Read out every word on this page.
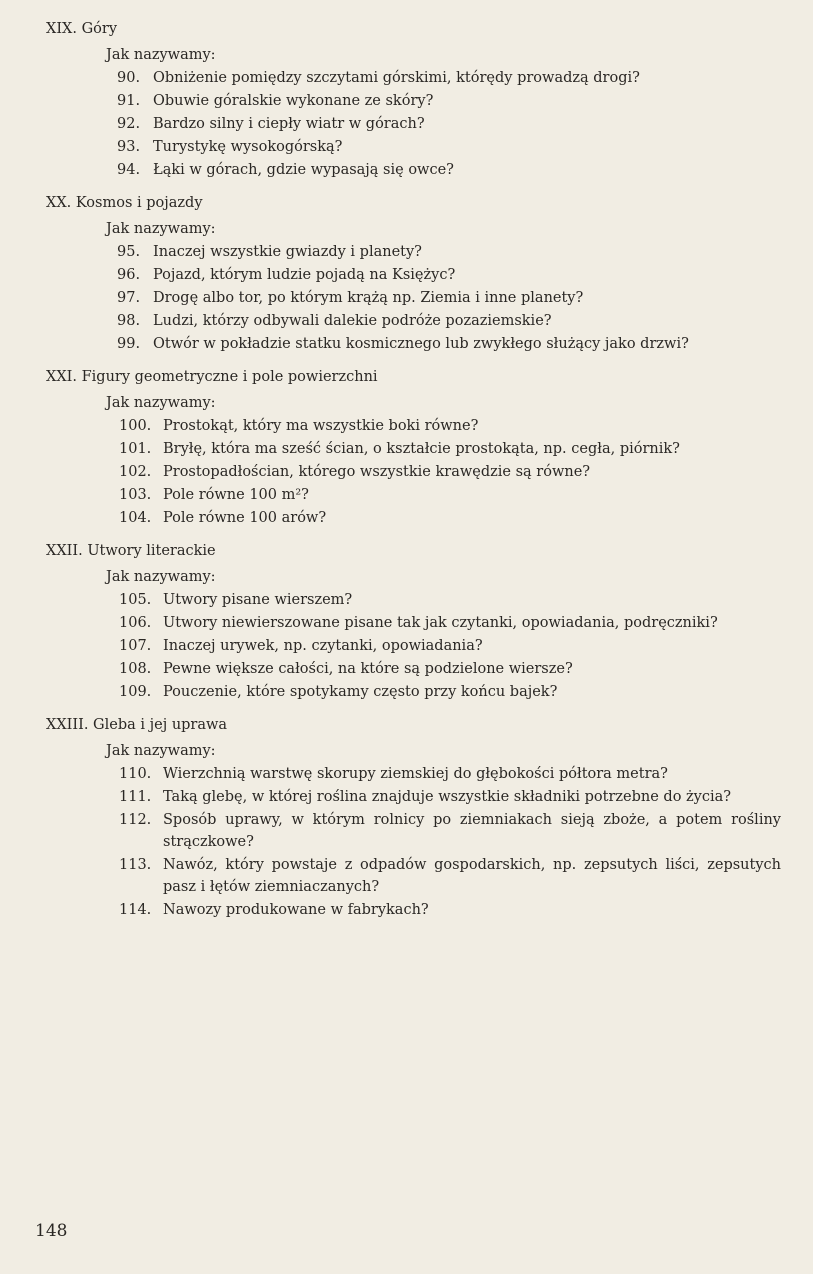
XIX. Góry

Jak nazywamy:

90. Obniżenie pomiędzy szczytami górskimi, którędy prowadzą drogi?
91. Obuwie góralskie wykonane ze skóry?
92. Bardzo silny i ciepły wiatr w górach?
93. Turystykę wysokogórską?
94. Łąki w górach, gdzie wypasają się owce?

XX. Kosmos i pojazdy

Jak nazywamy:

95. Inaczej wszystkie gwiazdy i planety?
96. Pojazd, którym ludzie pojadą na Księżyc?
97. Drogę albo tor, po którym krążą np. Ziemia i inne planety?
98. Ludzi, którzy odbywali dalekie podróże pozaziemskie?
99. Otwór w pokładzie statku kosmicznego lub zwykłego służący jako drzwi?

XXI. Figury geometryczne i pole powierzchni

Jak nazywamy:

100. Prostokąt, który ma wszystkie boki równe?
101. Bryłę, która ma sześć ścian, o kształcie prostokąta, np. cegła, piórnik?
102. Prostopadłościan, którego wszystkie krawędzie są równe?
103. Pole równe 100 m²?
104. Pole równe 100 arów?

XXII. Utwory literackie

Jak nazywamy:

105. Utwory pisane wierszem?
106. Utwory niewierszowane pisane tak jak czytanki, opowiadania, podręczniki?
107. Inaczej urywek, np. czytanki, opowiadania?
108. Pewne większe całości, na które są podzielone wiersze?
109. Pouczenie, które spotykamy często przy końcu bajek?

XXIII. Gleba i jej uprawa

Jak nazywamy:

110. Wierzchnią warstwę skorupy ziemskiej do głębokości półtora metra?
111. Taką glebę, w której roślina znajduje wszystkie składniki potrzebne do życia?
112. Sposób uprawy, w którym rolnicy po ziemniakach sieją zboże, a potem rośliny strączkowe?
113. Nawóz, który powstaje z odpadów gospodarskich, np. zepsutych liści, zepsutych pasz i łętów ziemniaczanych?
114. Nawozy produkowane w fabrykach?
148
